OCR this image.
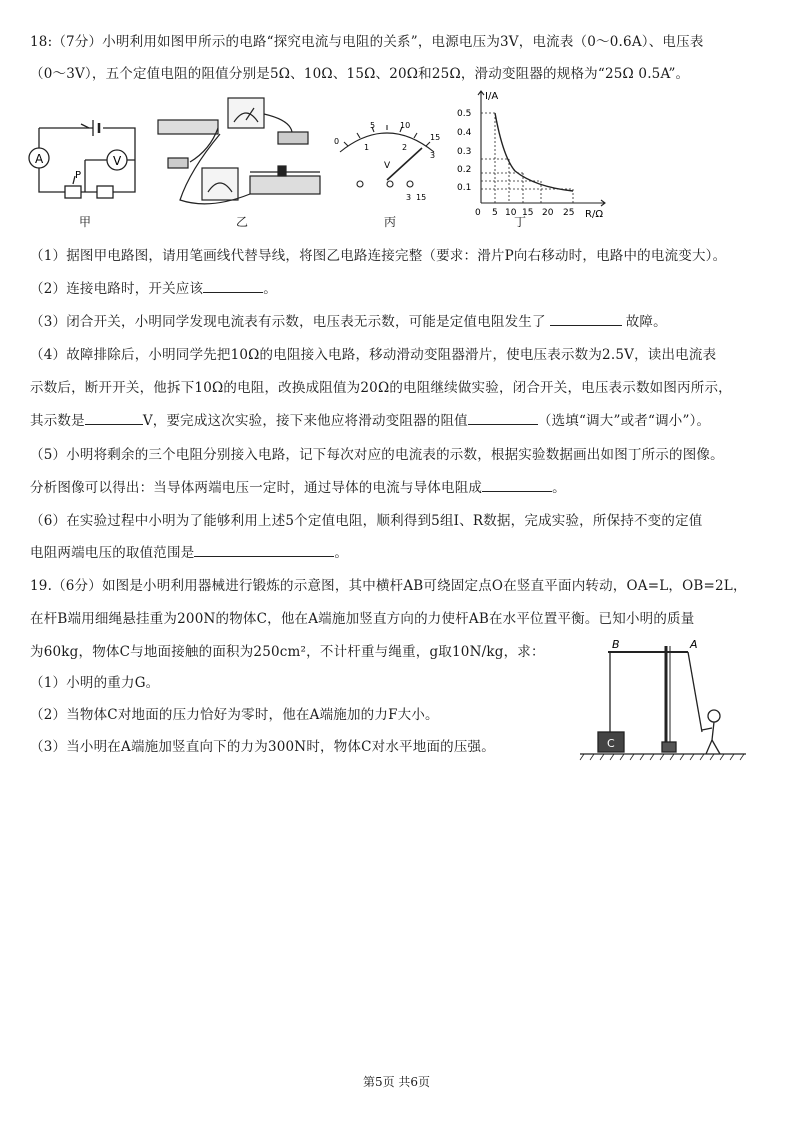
18:（7分）小明利用如图甲所示的电路“探究电流与电阻的关系”，电源电压为3V，电流表（0～0.6A）、电压表
（0～3V），五个定值电阻的阻值分别是5Ω、10Ω、15Ω、20Ω和25Ω，滑动变阻器的规格为“25Ω 0.5A”。
A	V
P
甲	乙
1	2
5	10
15
0
3
V
3 15
丙
I/A
R/Ω
0.5
0.4
0.3
0.2
0.1
0 5 10 15 20 25
丁
（1）据图甲电路图，请用笔画线代替导线，将图乙电路连接完整（要求：滑片P向右移动时，电路中的电流变大）。
（2）连接电路时，开关应该	。
（3）闭合开关，小明同学发现电流表有示数，电压表无示数，可能是定值电阻发生了	故障。
（4）故障排除后，小明同学先把10Ω的电阻接入电路，移动滑动变阻器滑片，使电压表示数为2.5V，读出电流表
示数后，断开开关，他拆下10Ω的电阻，改换成阻值为20Ω的电阻继续做实验，闭合开关，电压表示数如图丙所示，
其示数是	V，要完成这次实验，接下来他应将滑动变阻器的阻值	（选填“调大”或者“调小”）。
（5）小明将剩余的三个电阻分别接入电路，记下每次对应的电流表的示数，根据实验数据画出如图丁所示的图像。
分析图像可以得出：当导体两端电压一定时，通过导体的电流与导体电阻成	。
（6）在实验过程中小明为了能够利用上述5个定值电阻，顺利得到5组I、R数据，完成实验，所保持不变的定值
电阻两端电压的取值范围是	。
19.（6分）如图是小明利用器械进行锻炼的示意图，其中横杆AB可绕固定点O在竖直平面内转动，OA=L，OB=2L，
在杆B端用细绳悬挂重为200N的物体C，他在A端施加竖直方向的力使杆AB在水平位置平衡。已知小明的质量
为60kg，物体C与地面接触的面积为250cm²，不计杆重与绳重，g取10N/kg，求：
（1）小明的重力G。
（2）当物体C对地面的压力恰好为零时，他在A端施加的力F大小。
（3）当小明在A端施加竖直向下的力为300N时，物体C对水平地面的压强。
B	A
C
第5页 共6页
